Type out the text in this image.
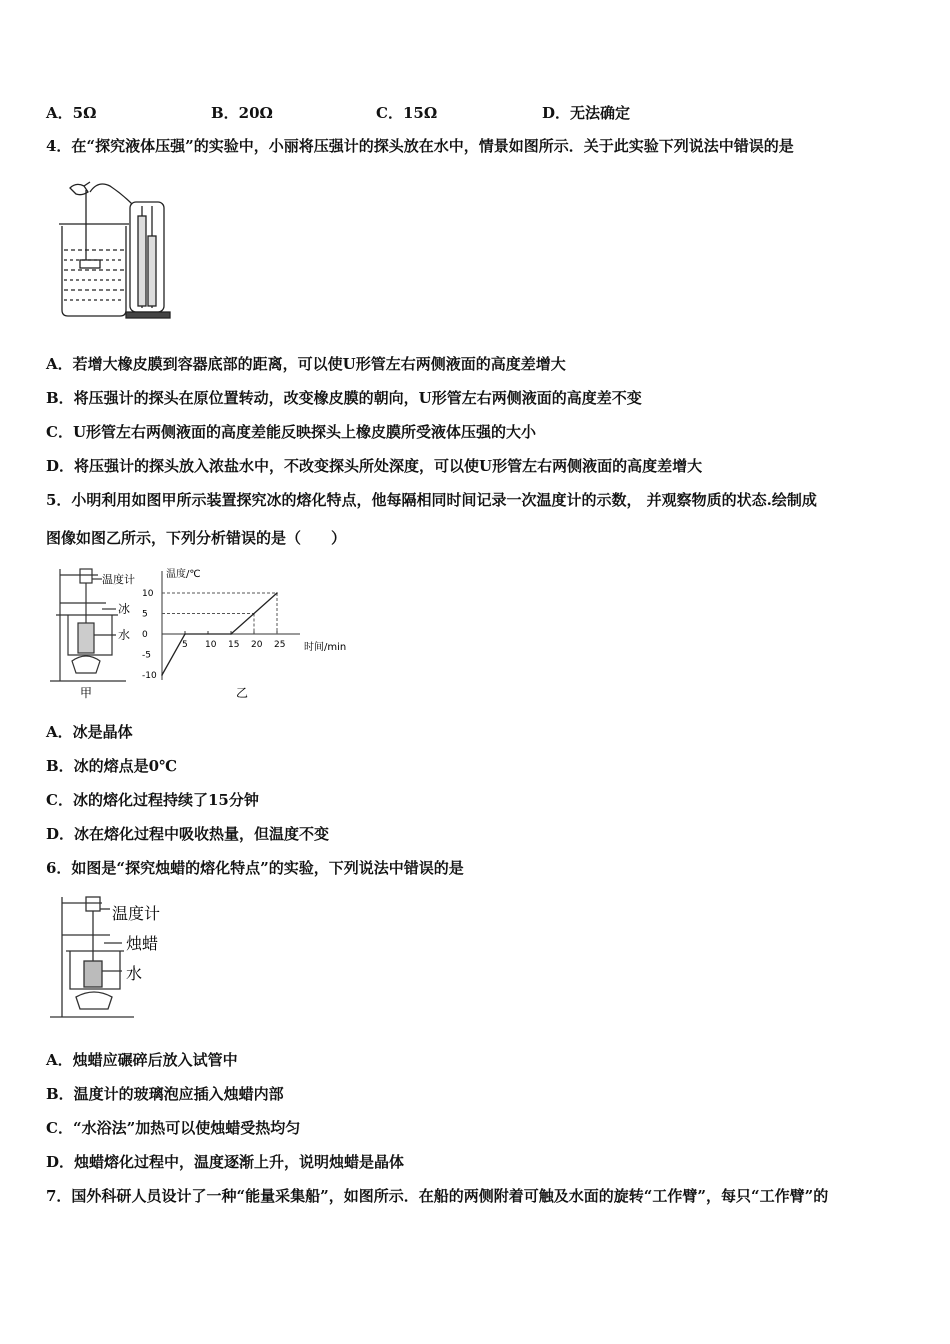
A．5Ω	B．20Ω	C．15Ω	D．无法确定
4．在“探究液体压强”的实验中，小丽将压强计的探头放在水中，情景如图所示．关于此实验下列说法中错误的是
A．若增大橡皮膜到容器底部的距离，可以使U形管左右两侧液面的高度差增大
B．将压强计的探头在原位置转动，改变橡皮膜的朝向，U形管左右两侧液面的高度差不变
C．U形管左右两侧液面的高度差能反映探头上橡皮膜所受液体压强的大小
D．将压强计的探头放入浓盐水中，不改变探头所处深度，可以使U形管左右两侧液面的高度差增大
5．小明利用如图甲所示装置探究冰的熔化特点，他每隔相同时间记录一次温度计的示数， 并观察物质的状态.绘制成
图像如图乙所示，下列分析错误的是（　　）
温度计
冰
水
甲
温度/℃
时间/min
5 10 15 20 25
10
5
0
-5
-10
乙
A．冰是晶体
B．冰的熔点是0℃
C．冰的熔化过程持续了15分钟
D．冰在熔化过程中吸收热量，但温度不变
6．如图是“探究烛蜡的熔化特点”的实验，下列说法中错误的是
温度计
烛蜡
水
A．烛蜡应碾碎后放入试管中
B．温度计的玻璃泡应插入烛蜡内部
C．“水浴法”加热可以使烛蜡受热均匀
D．烛蜡熔化过程中，温度逐渐上升，说明烛蜡是晶体
7．国外科研人员设计了一种“能量采集船”，如图所示．在船的两侧附着可触及水面的旋转“工作臂”，每只“工作臂”的
